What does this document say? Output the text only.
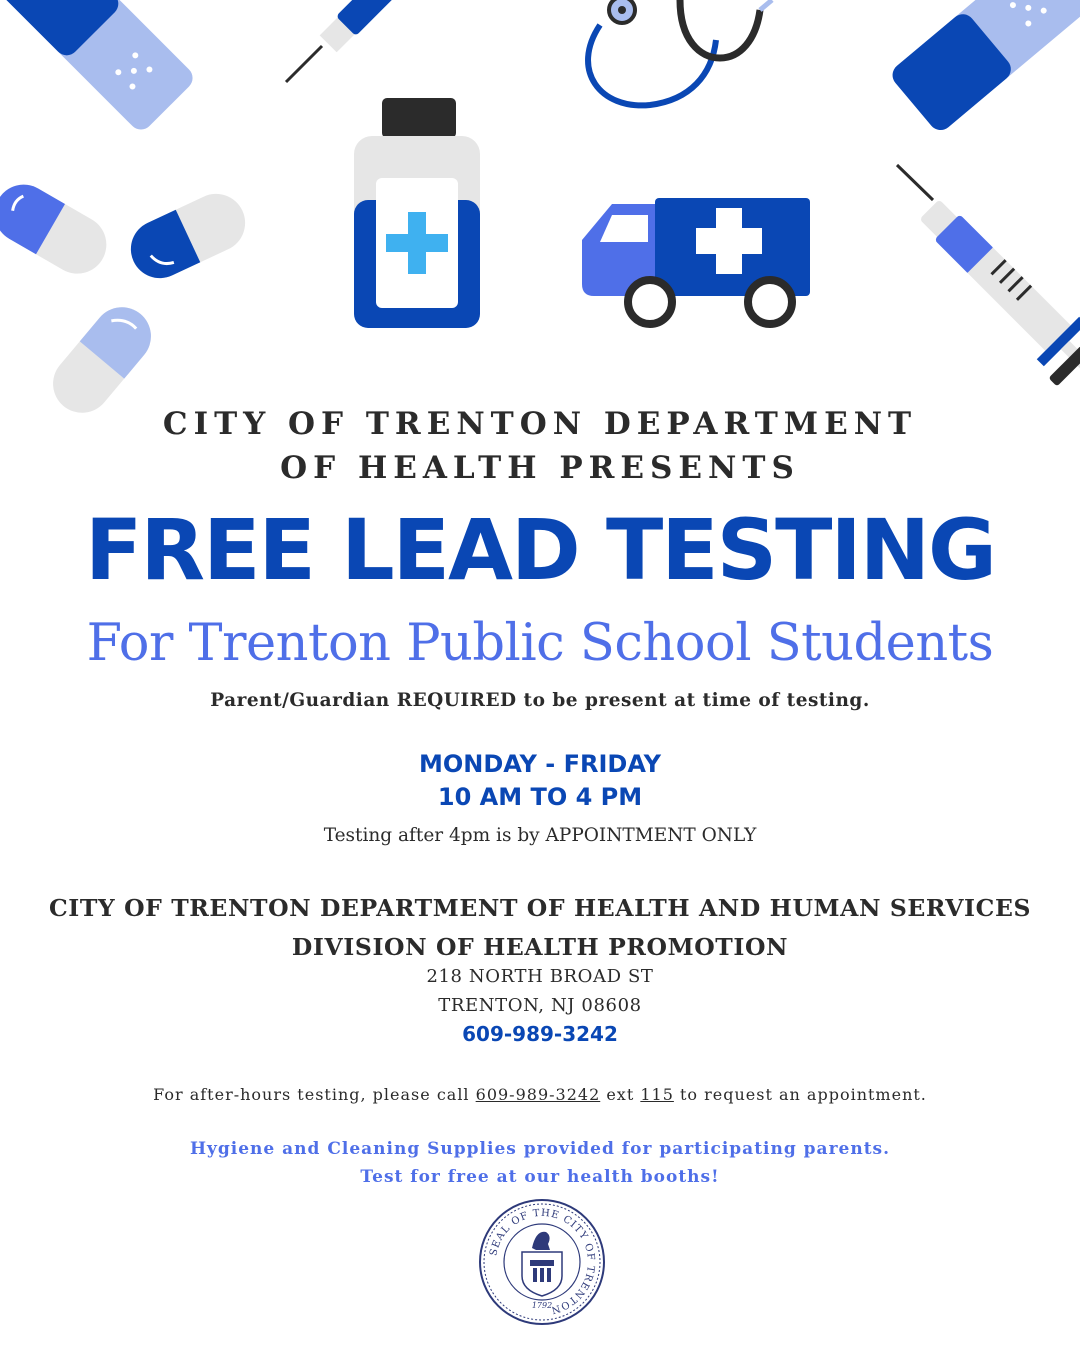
CITY OF TRENTON DEPARTMENT
OF HEALTH PRESENTS
FREE LEAD TESTING
For Trenton Public School Students
Parent/Guardian REQUIRED to be present at time of testing.
MONDAY - FRIDAY
10 AM TO 4 PM
Testing after 4pm is by APPOINTMENT ONLY
CITY OF TRENTON DEPARTMENT OF HEALTH AND HUMAN SERVICES
DIVISION OF HEALTH PROMOTION
218 NORTH BROAD ST
TRENTON, NJ 08608
609-989-3242
For after-hours testing, please call 609-989-3242 ext 115 to request an appointment.
Hygiene and Cleaning Supplies provided for participating parents.
Test for free at our health booths!
SEAL OF THE CITY OF TRENTON
1792
